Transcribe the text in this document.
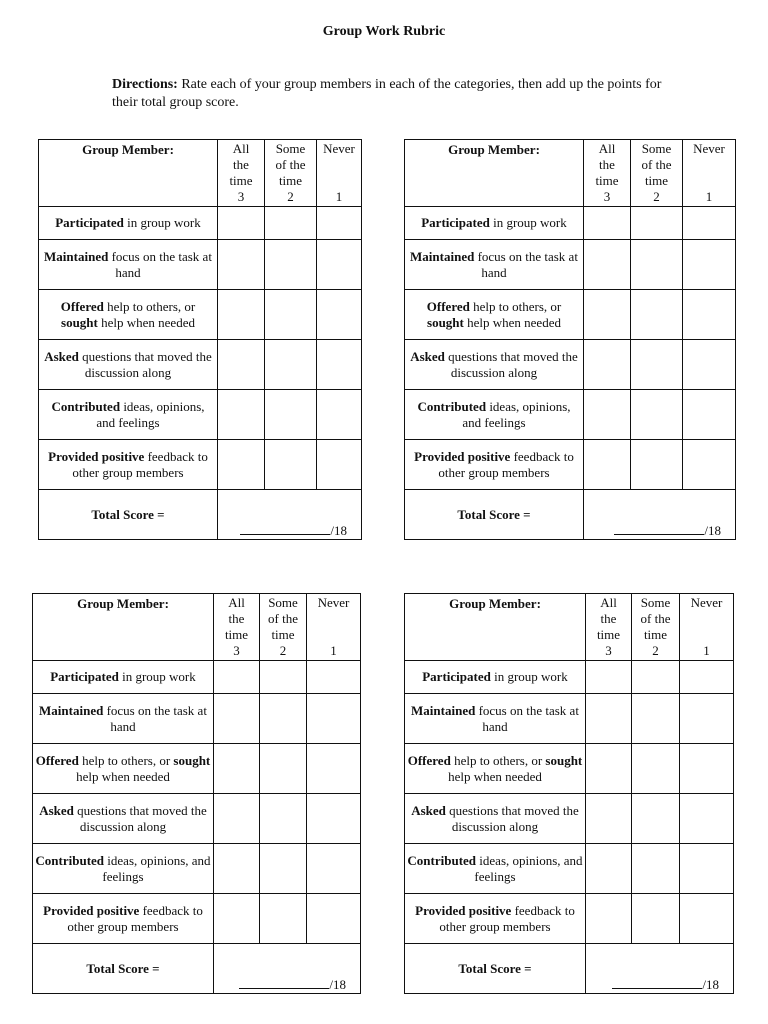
Group Work Rubric
Directions: Rate each of your group members in each of the categories, then add up the points for their total group score.
Group Member:	All
the
time
3	Some
of the
time
2	Never

1

Participated in group work			
Maintained focus on the task at hand			
Offered help to others, or sought help when needed			
Asked questions that moved the discussion along			
Contributed ideas, opinions, and feelings			
Provided positive feedback to other group members			
Total Score =	/18		
Group Member:	All
the
time
3	Some
of the
time
2	Never

1

Participated in group work			
Maintained focus on the task at hand			
Offered help to others, or sought help when needed			
Asked questions that moved the discussion along			
Contributed ideas, opinions, and feelings			
Provided positive feedback to other group members			
Total Score =	/18		
Group Member:	All
the
time
3	Some
of the
time
2	Never

1

Participated in group work			
Maintained focus on the task at hand			
Offered help to others, or sought help when needed			
Asked questions that moved the discussion along			
Contributed ideas, opinions, and feelings			
Provided positive feedback to other group members			
Total Score =	/18		
Group Member:	All
the
time
3	Some
of the
time
2	Never

1

Participated in group work			
Maintained focus on the task at hand			
Offered help to others, or sought help when needed			
Asked questions that moved the discussion along			
Contributed ideas, opinions, and feelings			
Provided positive feedback to other group members			
Total Score =	/18		
